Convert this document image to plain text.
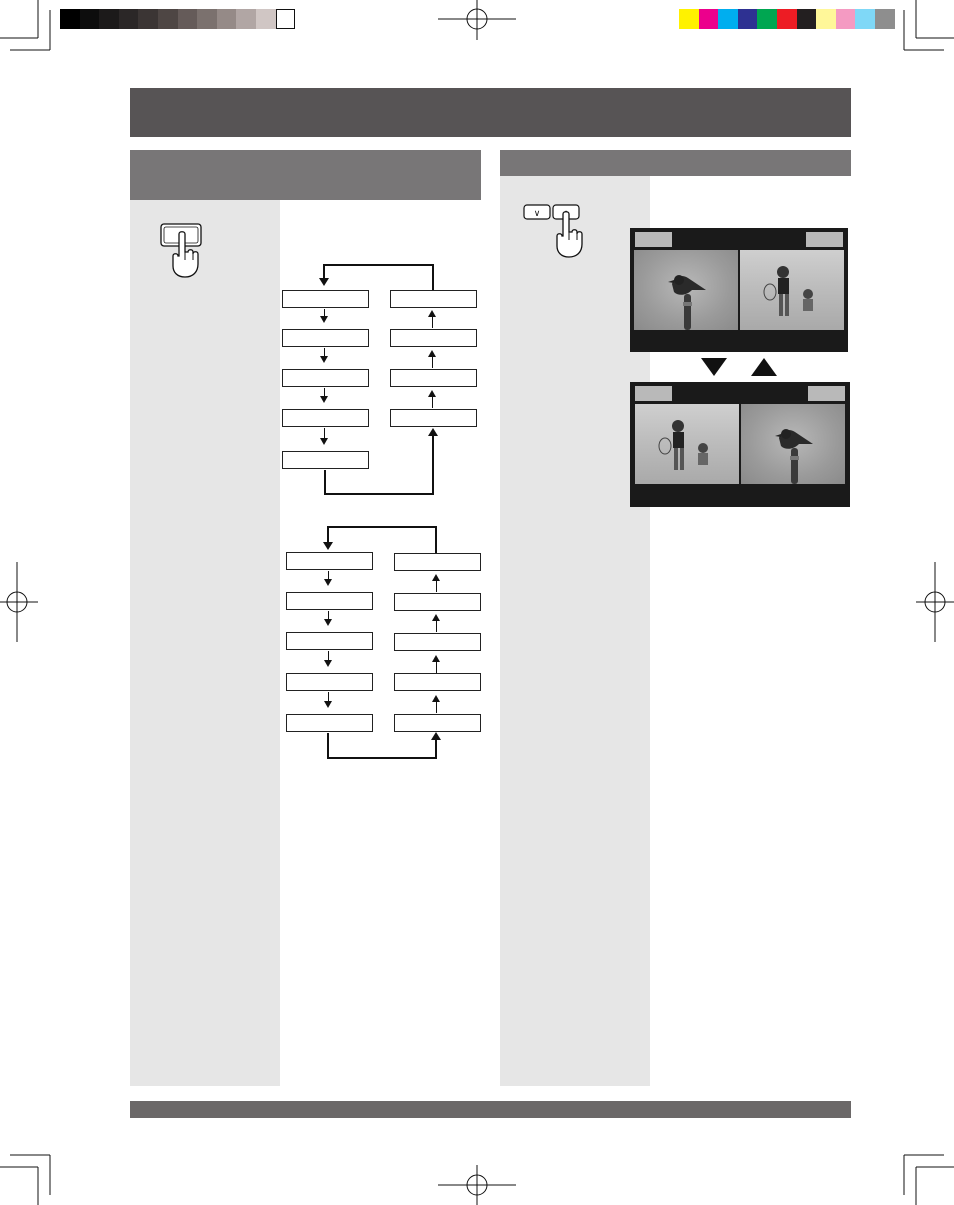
∨
